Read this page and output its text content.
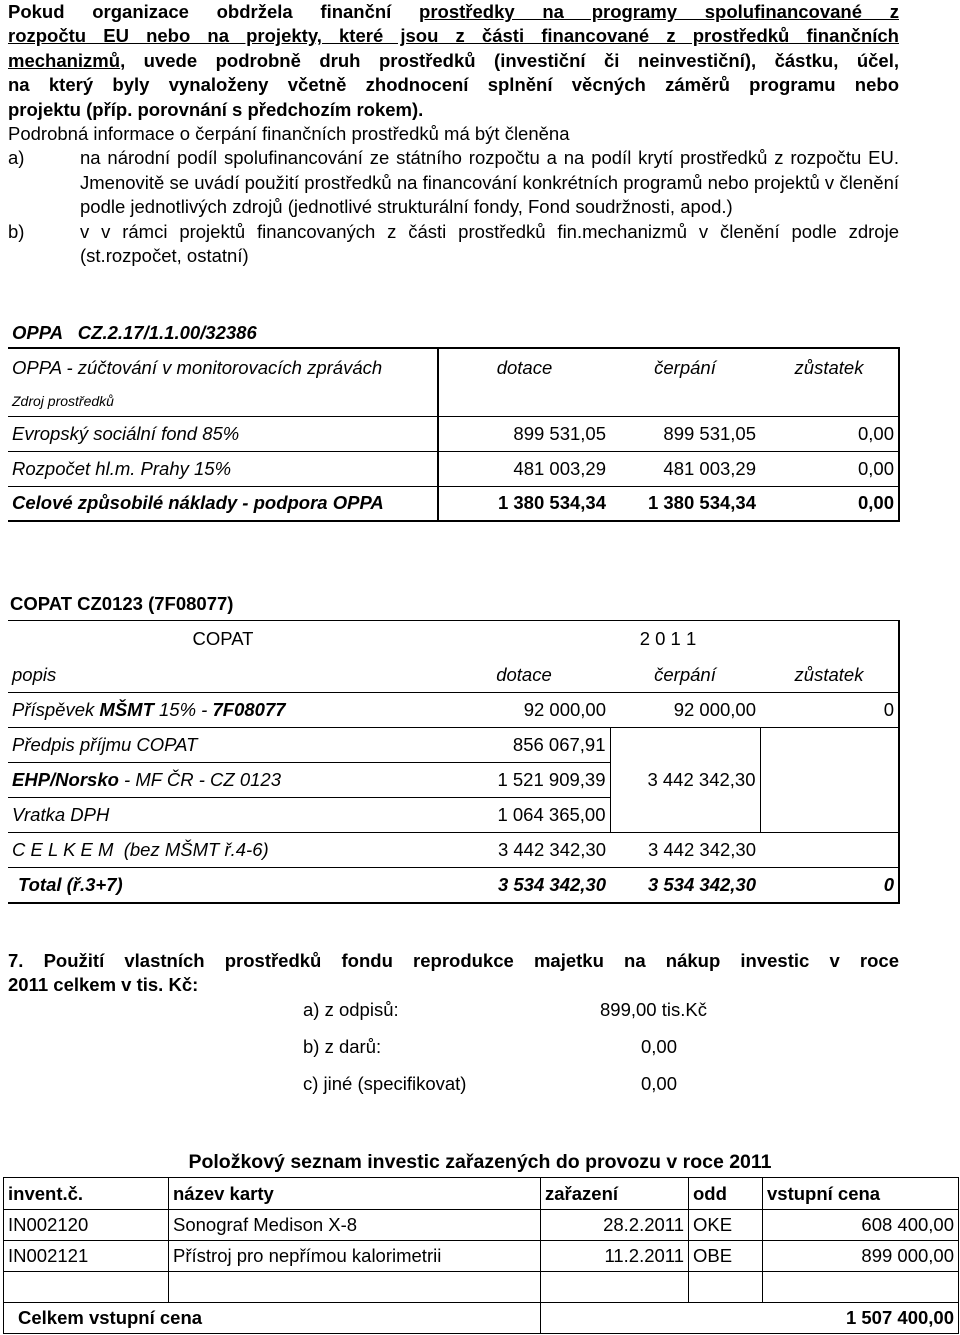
Pokud organizace obdržela finanční prostředky na programy spolufinancované z

rozpočtu EU nebo na projekty, které jsou z části financované z prostředků finančních

mechanizmů, uvede podrobně druh prostředků (investiční či neinvestiční), částku, účel,

na který byly vynaloženy včetně zhodnocení splnění věcných záměrů programu nebo

projektu (příp. porovnání s předchozím rokem).

Podrobná informace o čerpání finančních prostředků má být členěna

a)	na národní podíl spolufinancování ze státního rozpočtu a na podíl krytí prostředků z rozpočtu EU. Jmenovitě se uvádí použití prostředků na financování konkrétních programů nebo projektů v členění podle jednotlivých zdrojů (jednotlivé strukturální fondy, Fond soudržnosti, apod.)
b)	v v rámci projektů financovaných z části prostředků fin.mechanizmů v členění podle zdroje (st.rozpočet, ostatní)
OPPA   CZ.2.17/1.1.00/32386
OPPA - zúčtování v monitorovacích zprávách	dotace	čerpání	zůstatek
Zdroj prostředků			
Evropský sociální fond 85%	899 531,05	899 531,05	0,00
Rozpočet hl.m. Prahy 15%	481 003,29	481 003,29	0,00
Celové způsobilé náklady - podpora OPPA	1 380 534,34	1 380 534,34	0,00
COPAT CZ0123 (7F08077)
COPAT	2 0 1 1		
popis	dotace	čerpání	zůstatek
Příspěvek MŠMT 15% - 7F08077	92 000,00	92 000,00	0
Předpis příjmu COPAT	856 067,91	3 442 342,30	
EHP/Norsko - MF ČR - CZ 0123	1 521 909,39		
Vratka DPH	1 064 365,00		
C E L K E M  (bez MŠMT ř.4-6)	3 442 342,30	3 442 342,30	
Total (ř.3+7)	3 534 342,30	3 534 342,30	0
7. Použití vlastních prostředků fondu reprodukce majetku na nákup investic v roce
2011 celkem v tis. Kč:
a) z odpisů:	899,00 tis.Kč
b) z darů:	0,00
c) jiné (specifikovat)	0,00
Položkový seznam investic zařazených do provozu v roce 2011
invent.č.	název karty	zařazení	odd	vstupní cena
IN002120	Sonograf Medison X-8	28.2.2011	OKE	608 400,00
IN002121	Přístroj pro nepřímou kalorimetrii	11.2.2011	OBE	899 000,00

Celkem vstupní cena		1 507 400,00		
